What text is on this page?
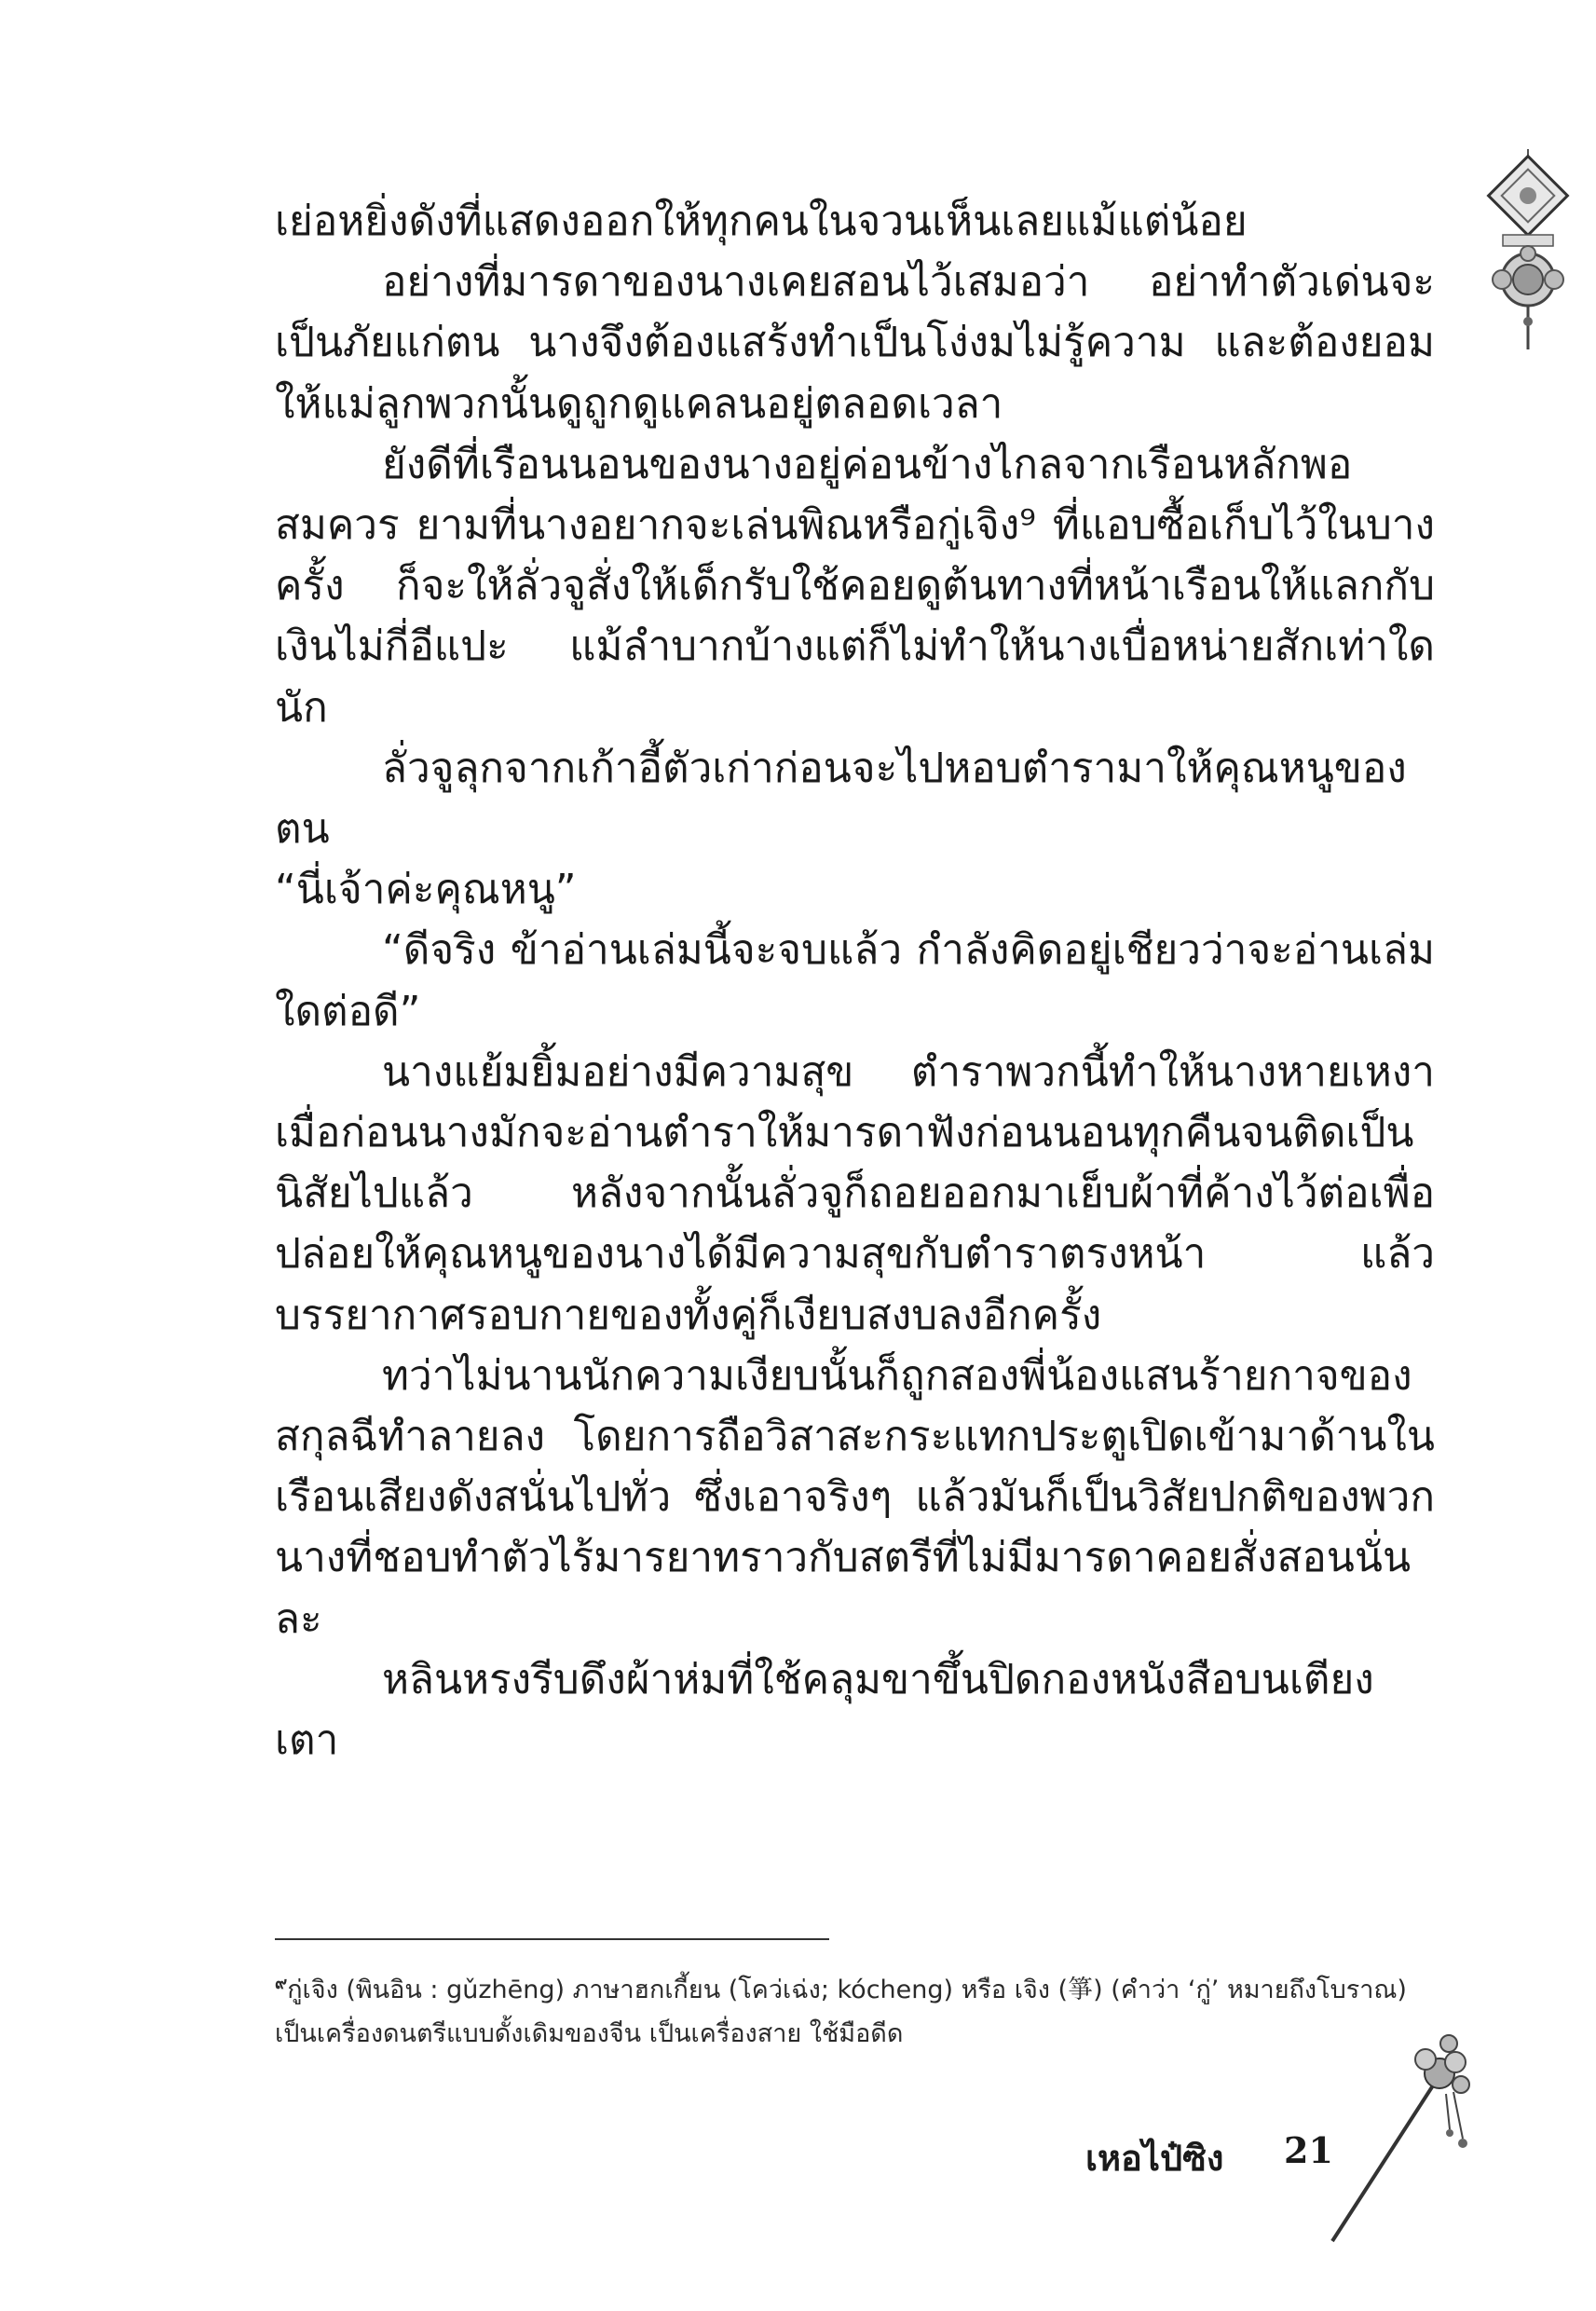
เย่อหยิ่งดังที่แสดงออกให้ทุกคนในจวนเห็นเลยแม้แต่น้อย

อย่างที่มารดาของนางเคยสอนไว้เสมอว่า อย่าทำตัวเด่นจะเป็นภัยแก่ตน นางจึงต้องแสร้งทำเป็นโง่งมไม่รู้ความ และต้องยอมให้แม่ลูกพวกนั้นดูถูกดูแคลนอยู่ตลอดเวลา

ยังดีที่เรือนนอนของนางอยู่ค่อนข้างไกลจากเรือนหลักพอสมควร ยามที่นางอยากจะเล่นพิณหรือกู่เจิง⁹ ที่แอบซื้อเก็บไว้ในบางครั้ง ก็จะให้ลั่วจูสั่งให้เด็กรับใช้คอยดูต้นทางที่หน้าเรือนให้แลกกับเงินไม่กี่อีแปะ แม้ลำบากบ้างแต่ก็ไม่ทำให้นางเบื่อหน่ายสักเท่าใดนัก

ลั่วจูลุกจากเก้าอี้ตัวเก่าก่อนจะไปหอบตำรามาให้คุณหนูของตน

“นี่เจ้าค่ะคุณหนู”

“ดีจริง ข้าอ่านเล่มนี้จะจบแล้ว กำลังคิดอยู่เชียวว่าจะอ่านเล่มใดต่อดี”

นางแย้มยิ้มอย่างมีความสุข ตำราพวกนี้ทำให้นางหายเหงาเมื่อก่อนนางมักจะอ่านตำราให้มารดาฟังก่อนนอนทุกคืนจนติดเป็นนิสัยไปแล้ว หลังจากนั้นลั่วจูก็ถอยออกมาเย็บผ้าที่ค้างไว้ต่อเพื่อปล่อยให้คุณหนูของนางได้มีความสุขกับตำราตรงหน้า แล้วบรรยากาศรอบกายของทั้งคู่ก็เงียบสงบลงอีกครั้ง

ทว่าไม่นานนักความเงียบนั้นก็ถูกสองพี่น้องแสนร้ายกาจของสกุลฉีทำลายลง โดยการถือวิสาสะกระแทกประตูเปิดเข้ามาด้านในเรือนเสียงดังสนั่นไปทั่ว ซึ่งเอาจริงๆ แล้วมันก็เป็นวิสัยปกติของพวกนางที่ชอบทำตัวไร้มารยาทราวกับสตรีที่ไม่มีมารดาคอยสั่งสอนนั่นละ

หลินหรงรีบดึงผ้าห่มที่ใช้คลุมขาขึ้นปิดกองหนังสือบนเตียงเตา

$^๙$กู่เจิง (พินอิน : gǔzhēng) ภาษาฮกเกี้ยน (โคว่เฉ่ง; kócheng) หรือ เจิง (箏) (คำว่า ‘กู่’ หมายถึงโบราณ) เป็นเครื่องดนตรีแบบดั้งเดิมของจีน เป็นเครื่องสาย ใช้มือดีด
เหอไป๋ซิง 21
